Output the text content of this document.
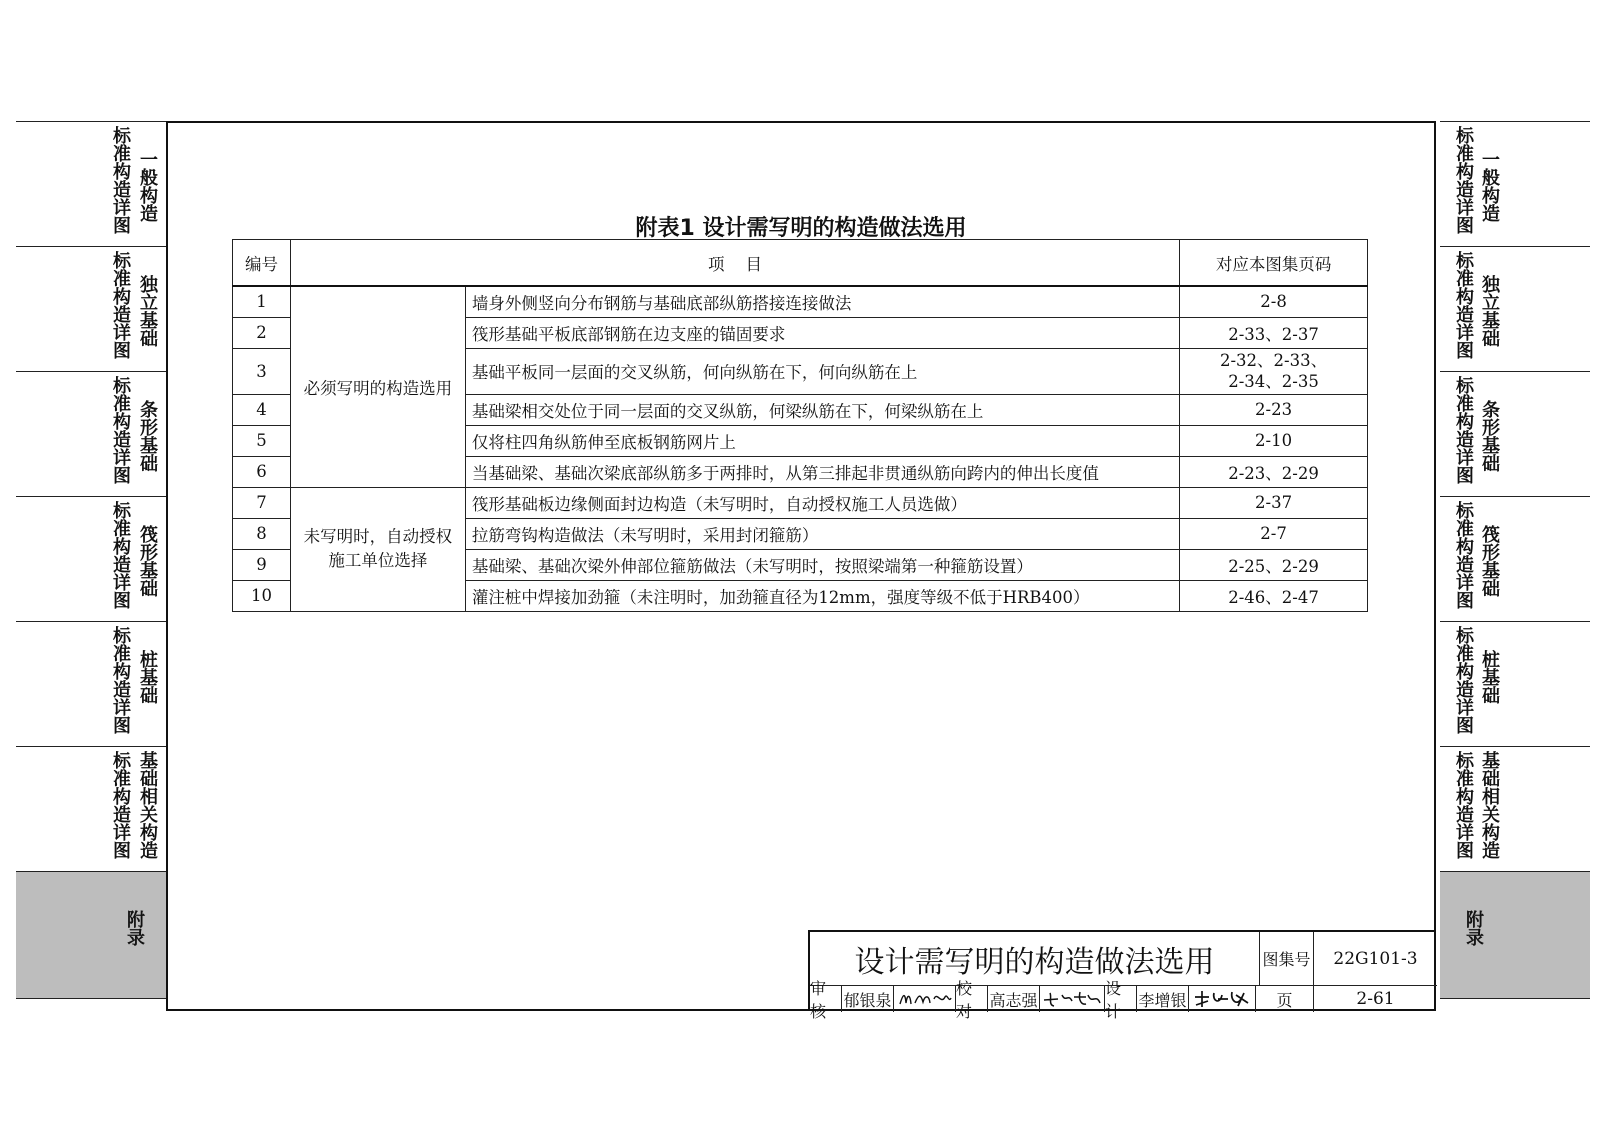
标准构造详图 一般构造
标准构造详图 独立基础
标准构造详图 条形基础
标准构造详图 筏形基础
标准构造详图 桩基础
标准构造详图 基础相关构造
附录
标准构造详图 一般构造
标准构造详图 独立基础
标准构造详图 条形基础
标准构造详图 筏形基础
标准构造详图 桩基础
标准构造详图 基础相关构造
附录
附表1 设计需写明的构造做法选用
编号	项    目		对应本图集页码
1	必须写明的构造选用	墙身外侧竖向分布钢筋与基础底部纵筋搭接连接做法	2-8
2		筏形基础平板底部钢筋在边支座的锚固要求	2-33、2-37
3		基础平板同一层面的交叉纵筋，何向纵筋在下，何向纵筋在上	2-32、2-33、
2-34、2-35

4		基础梁相交处位于同一层面的交叉纵筋，何梁纵筋在下，何梁纵筋在上	2-23
5		仅将柱四角纵筋伸至底板钢筋网片上	2-10
6		当基础梁、基础次梁底部纵筋多于两排时，从第三排起非贯通纵筋向跨内的伸出长度值	2-23、2-29
7	未写明时，自动授权
施工单位选择	筏形基础板边缘侧面封边构造（未写明时，自动授权施工人员选做）	2-37
8		拉筋弯钩构造做法（未写明时，采用封闭箍筋）	2-7
9		基础梁、基础次梁外伸部位箍筋做法（未写明时，按照梁端第一种箍筋设置）	2-25、2-29
10		灌注桩中焊接加劲箍（未注明时，加劲箍直径为12mm，强度等级不低于HRB400）	2-46、2-47
设计需写明的构造做法选用	图集号	22G101-3
审核
郁银泉
校对
高志强
设计
李增银	页	2-61
